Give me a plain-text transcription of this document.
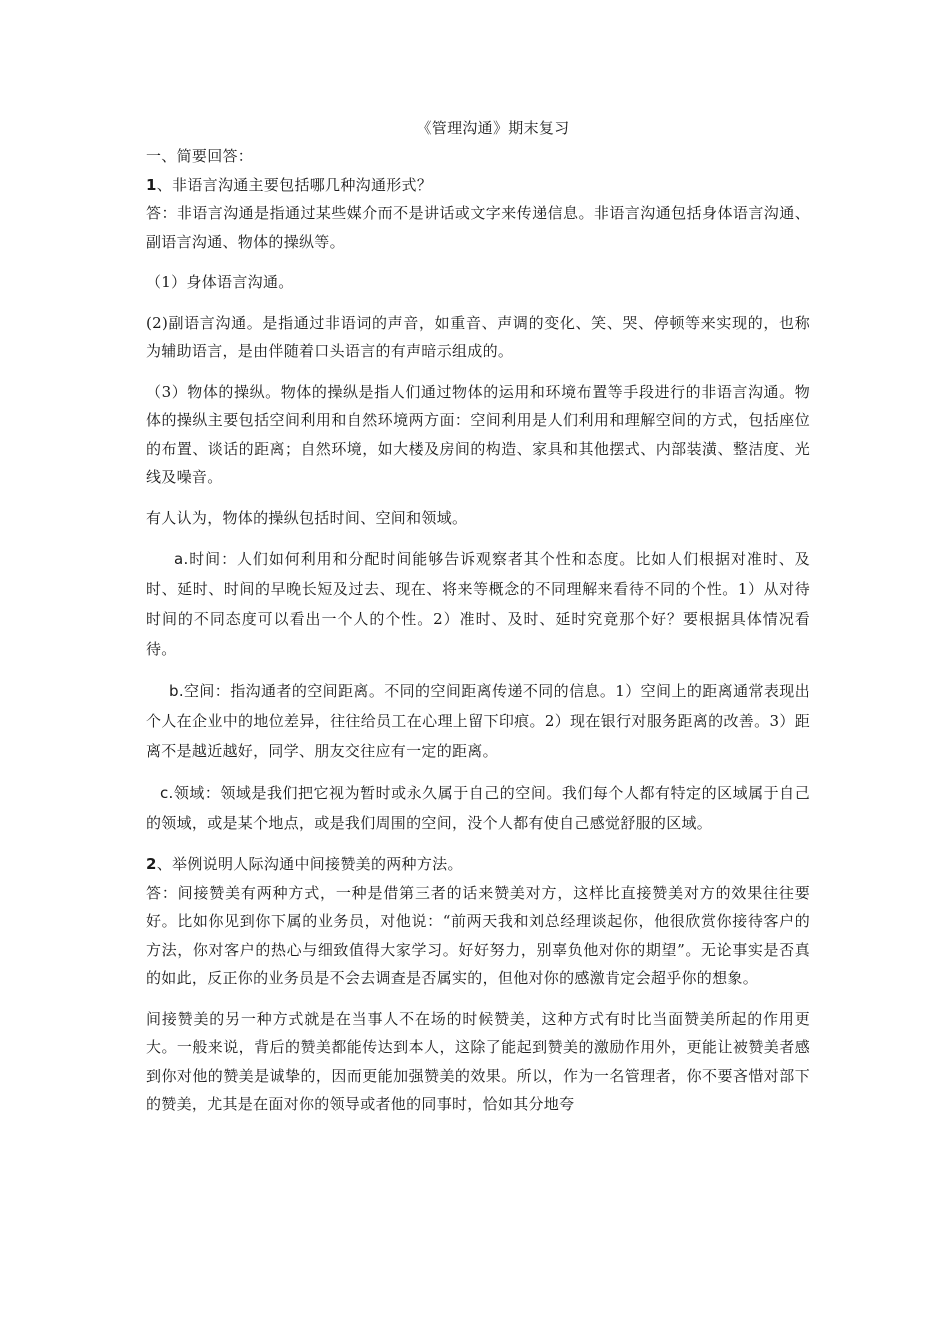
《管理沟通》期末复习

一、简要回答：

1、非语言沟通主要包括哪几种沟通形式？

答：非语言沟通是指通过某些媒介而不是讲话或文字来传递信息。非语言沟通包括身体语言沟通、副语言沟通、物体的操纵等。

（1）身体语言沟通。

(2)副语言沟通。是指通过非语词的声音，如重音、声调的变化、笑、哭、停顿等来实现的，也称为辅助语言，是由伴随着口头语言的有声暗示组成的。

（3）物体的操纵。物体的操纵是指人们通过物体的运用和环境布置等手段进行的非语言沟通。物体的操纵主要包括空间利用和自然环境两方面：空间利用是人们利用和理解空间的方式，包括座位的布置、谈话的距离；自然环境，如大楼及房间的构造、家具和其他摆式、内部装潢、整洁度、光线及噪音。

有人认为，物体的操纵包括时间、空间和领域。

a.时间：人们如何利用和分配时间能够告诉观察者其个性和态度。比如人们根据对准时、及时、延时、时间的早晚长短及过去、现在、将来等概念的不同理解来看待不同的个性。1）从对待时间的不同态度可以看出一个人的个性。2）准时、及时、延时究竟那个好？要根据具体情况看待。

b.空间：指沟通者的空间距离。不同的空间距离传递不同的信息。1）空间上的距离通常表现出个人在企业中的地位差异，往往给员工在心理上留下印痕。2）现在银行对服务距离的改善。3）距离不是越近越好，同学、朋友交往应有一定的距离。

c.领域：领域是我们把它视为暂时或永久属于自己的空间。我们每个人都有特定的区域属于自己的领域，或是某个地点，或是我们周围的空间，没个人都有使自己感觉舒服的区域。

2、举例说明人际沟通中间接赞美的两种方法。

答：间接赞美有两种方式，一种是借第三者的话来赞美对方，这样比直接赞美对方的效果往往要好。比如你见到你下属的业务员，对他说：“前两天我和刘总经理谈起你，他很欣赏你接待客户的方法，你对客户的热心与细致值得大家学习。好好努力，别辜负他对你的期望”。无论事实是否真的如此，反正你的业务员是不会去调查是否属实的，但他对你的感激肯定会超乎你的想象。

间接赞美的另一种方式就是在当事人不在场的时候赞美，这种方式有时比当面赞美所起的作用更大。一般来说，背后的赞美都能传达到本人，这除了能起到赞美的激励作用外，更能让被赞美者感到你对他的赞美是诚挚的，因而更能加强赞美的效果。所以，作为一名管理者，你不要吝惜对部下的赞美，尤其是在面对你的领导或者他的同事时，恰如其分地夸
